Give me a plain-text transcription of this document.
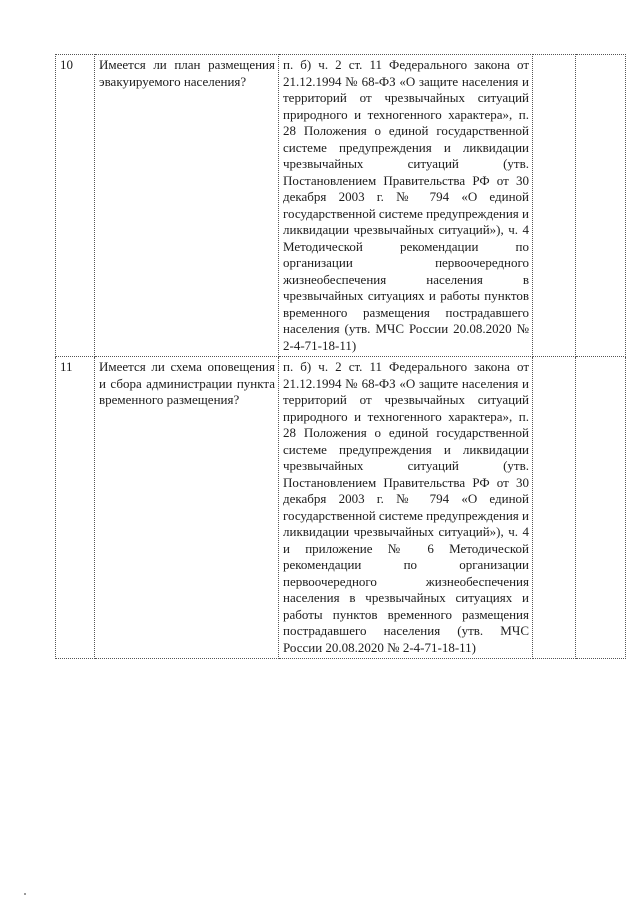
10	Имеется ли план размещения эвакуируемого населения?	п. б) ч. 2 ст. 11 Федерального закона от 21.12.1994 № 68-ФЗ «О защите населения и территорий от чрезвычайных ситуаций природного и техногенного характера», п. 28 Положения о единой государственной системе предупреждения и ликвидации чрезвычайных ситуаций (утв. Постановлением Правительства РФ от 30 декабря 2003 г. № 794 «О единой государственной системе предупреждения и ликвидации чрезвычайных ситуаций»), ч. 4 Методической рекомендации по организации первоочередного жизнеобеспечения населения в чрезвычайных ситуациях и работы пунктов временного размещения пострадавшего населения (утв. МЧС России 20.08.2020 № 2-4-71-18-11)		
11	Имеется ли схема оповещения и сбора администрации пункта временного размещения?	п. б) ч. 2 ст. 11 Федерального закона от 21.12.1994 № 68-ФЗ «О защите населения и территорий от чрезвычайных ситуаций природного и техногенного характера», п. 28 Положения о единой государственной системе предупреждения и ликвидации чрезвычайных ситуаций (утв. Постановлением Правительства РФ от 30 декабря 2003 г. № 794 «О единой государственной системе предупреждения и ликвидации чрезвычайных ситуаций»), ч. 4 и приложение № 6 Методической рекомендации по организации первоочередного жизнеобеспечения населения в чрезвычайных ситуациях и работы пунктов временного размещения пострадавшего населения (утв. МЧС России 20.08.2020 № 2-4-71-18-11)		
